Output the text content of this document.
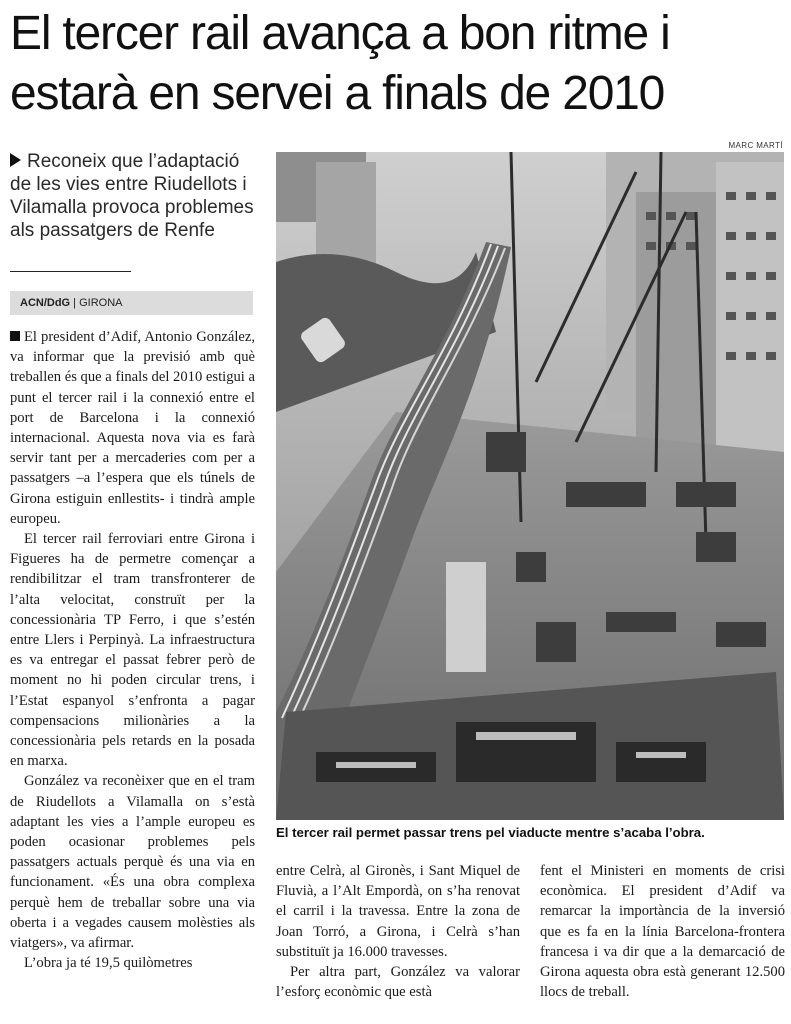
El tercer rail avança a bon ritme i estarà en servei a finals de 2010
Reconeix que l’adaptació de les vies entre Riudellots i Vilamalla provoca problemes als passatgers de Renfe
ACN/DdG | GIRONA

El president d’Adif, Antonio González, va informar que la previsió amb què treballen és que a finals del 2010 estigui a punt el tercer rail i la connexió entre el port de Barcelona i la connexió internacional. Aquesta nova via es farà servir tant per a mercaderies com per a passatgers –a l’espera que els túnels de Girona estiguin enllestits- i tindrà ample europeu.

El tercer rail ferroviari entre Girona i Figueres ha de permetre començar a rendibilitzar el tram transfronterer de l’alta velocitat, construït per la concessionària TP Ferro, i que s’estén entre Llers i Perpinyà. La infraestructura es va entregar el passat febrer però de moment no hi poden circular trens, i l’Estat espanyol s’enfronta a pagar compensacions milionàries a la concessionària pels retards en la posada en marxa.

González va reconèixer que en el tram de Riudellots a Vilamalla on s’està adaptant les vies a l’ample europeu es poden ocasionar problemes pels passatgers actuals perquè és una via en funcionament. «És una obra complexa perquè hem de treballar sobre una via oberta i a vegades causem molèsties als viatgers», va afirmar.

L’obra ja té 19,5 quilòmetres

MARC MARTÍ
El tercer rail permet passar trens pel viaducte mentre s’acaba l’obra.

entre Celrà, al Gironès, i Sant Miquel de Fluvià, a l’Alt Empordà, on s’ha renovat el carril i la travessa. Entre la zona de Joan Torró, a Girona, i Celrà s’han substituït ja 16.000 travesses.

Per altra part, González va valorar l’esforç econòmic que està

fent el Ministeri en moments de crisi econòmica. El president d’Adif va remarcar la importància de la inversió que es fa en la línia Barcelona-frontera francesa i va dir que a la demarcació de Girona aquesta obra està generant 12.500 llocs de treball.
